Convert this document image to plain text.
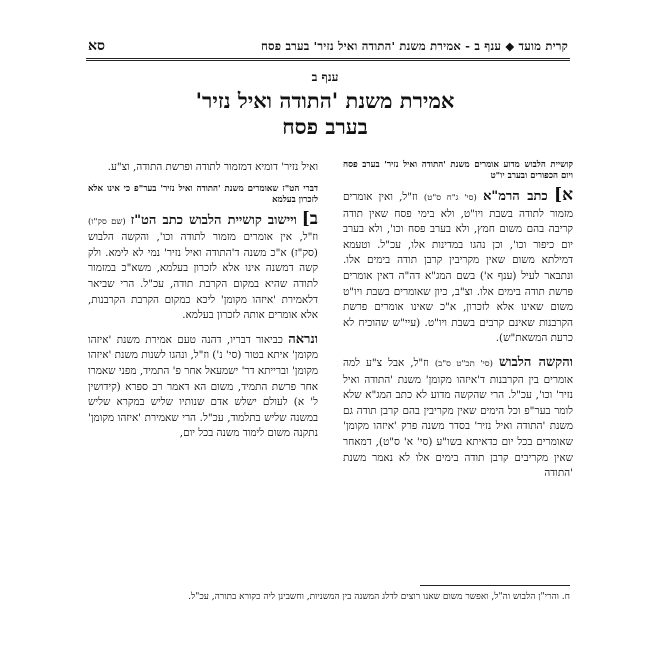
קרית מועד ◆ ענף ב - אמירת משנת 'התודה ואיל נזיר' בערב פסח
סא
ענף ב
אמירת משנת 'התודה ואיל נזיר'
בערב פסח

קושיית הלבוש מדוע אומרים משנת 'התודה ואיל נזיר' בערב פסח ויום הכפורים ובערב יו"ט

א] כתב הרמ"א (סי' ג"ח ס"ט) וז"ל, ואין אומרים מזמור לתודה בשבת ויו"ט, ולא בימי פסח שאין תודה קריבה בהם משום חמץ, ולא בערב פסח וכו', ולא בערב יום כיפור וכו', וכן נהגו במדינות אלו, עכ"ל. וטעמא דמילתא משום שאין מקריבין קרבן תודה בימים אלו. ונתבאר לעיל (ענף א') בשם המג"א דה"ה דאין אומרים פרשת תודה בימים אלו. וצ"ב, כיון שאומרים בשבת ויו"ט משום שאינו אלא לזכרון, א"כ שאינו אומרים פרשת הקרבנות שאינם קרבים בשבת ויו"ט. (עיי"ש שהוכיח לא כרעת המשאת"ש).

והקשה הלבוש (סי' תכ"ט ס"ב) וז"ל, אבל צ"ע למה אומרים בין הקרבנות ד'איזהו מקומן' משנת 'התודה ואיל נזיר' וכו', עכ"ל. הרי שהקשה מדוע לא כתב המג"א שלא לומר בער"פ וכל הימים שאין מקריבין בהם קרבן תודה גם משנת 'התודה ואיל נזיר' בסדר משנה פרק 'איזהו מקומן' שאומרים בכל יום כדאיתא בשו"ע (סי' א' ס"ט), דמאחר שאין מקריבים קרבן תודה בימים אלו לא נאמר משנת 'התודה

ואיל נזיר' דומיא דמזמור לתודה ופרשת התודה, וצ"ע.

דברי הט"ז שאומרים משנת 'התודה ואיל נזיר' בער"פ כי אינו אלא לזכרון בעלמא

ב] ויישוב קושיית הלבוש כתב הט"ז (שם סק"ו) וז"ל, אין אומרים מזמור לתודה וכו', והקשה הלבוש (סק"ז) א"כ משנה ד'התודה ואיל נזיר' נמי לא לימא. ולק קשה דמשנה אינו אלא לזכרון בעלמא, משא"כ במזמור לתודה שהיא במקום הקרבת תודה, עכ"ל. הרי שביאר דלאמירת 'איזהו מקומן' ליכא כמקום הקרבת הקרבנות, אלא אומרים אותה לזכרון בעלמא.

ונראה כביאור דבריו, דהנה טעם אמירת משנת 'איזהו מקומן' איתא בטור (סי' נ') וז"ל, ונהגו לשנות משנת 'איזהו מקומן' וברייתא דר' ישמעאל אחר פ' התמיד, מפני שאמרו אחר פרשת התמיד, משום הא דאמר רב ספרא (קידושין ל' א) לעולם ישלש אדם שנותיו שליש במקרא שליש במשנה שליש בתלמוד, עכ"ל. הרי שאמירת 'איזהו מקומן' נתקנה משום לימוד משנה בכל יום,

ח. והרי"ן הלבוש וה"ל, ואפשר משום שאנו רוצים לדלג המשנה בין המשניות, וחשבינן ליה כקורא בתורה, עכ"ל.
